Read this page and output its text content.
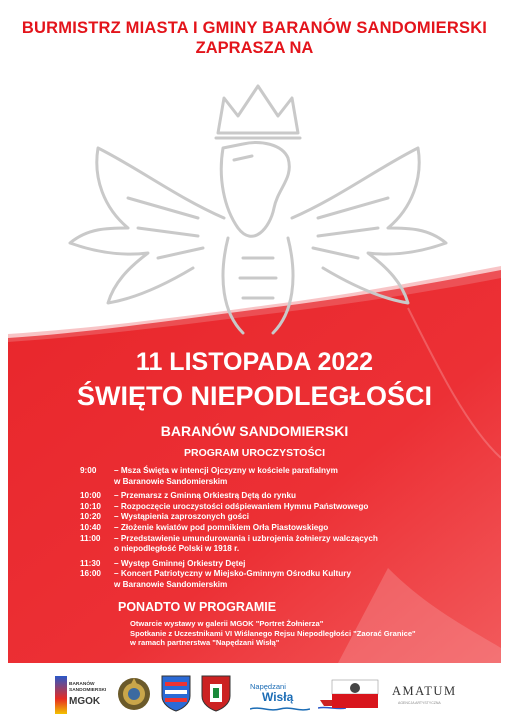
BURMISTRZ MIASTA I GMINY BARANÓW SANDOMIERSKI
ZAPRASZA NA
11 LISTOPADA 2022
ŚWIĘTO NIEPODLEGŁOŚCI
BARANÓW SANDOMIERSKI
PROGRAM UROCZYSTOŚCI
9:00	– Msza Święta w intencji Ojczyzny w kościele parafialnym
w Baranowie Sandomierskim
10:00	– Przemarsz z Gminną Orkiestrą Dętą do rynku
10:10	– Rozpoczęcie uroczystości odśpiewaniem Hymnu Państwowego
10:20	– Wystąpienia zaproszonych gości
10:40	– Złożenie kwiatów pod pomnikiem Orła Piastowskiego
11:00	– Przedstawienie umundurowania i uzbrojenia żołnierzy walczących
o niepodległość Polski w 1918 r.
11:30	– Występ Gminnej Orkiestry Dętej
16:00	– Koncert Patriotyczny w Miejsko-Gminnym Ośrodku Kultury
w Baranowie Sandomierskim
PONADTO W PROGRAMIE
Otwarcie wystawy w galerii MGOK "Portret Żołnierza"
Spotkanie z Uczestnikami VI Wiślanego Rejsu Niepodległości "Zaorać Granice"
w ramach partnerstwa "Napędzani Wisłą"
BARANÓW
SANDOMIERSKI
MGOK
Napędzani
Wisłą	AMATUM
AGENCJA ARTYSTYCZNA
